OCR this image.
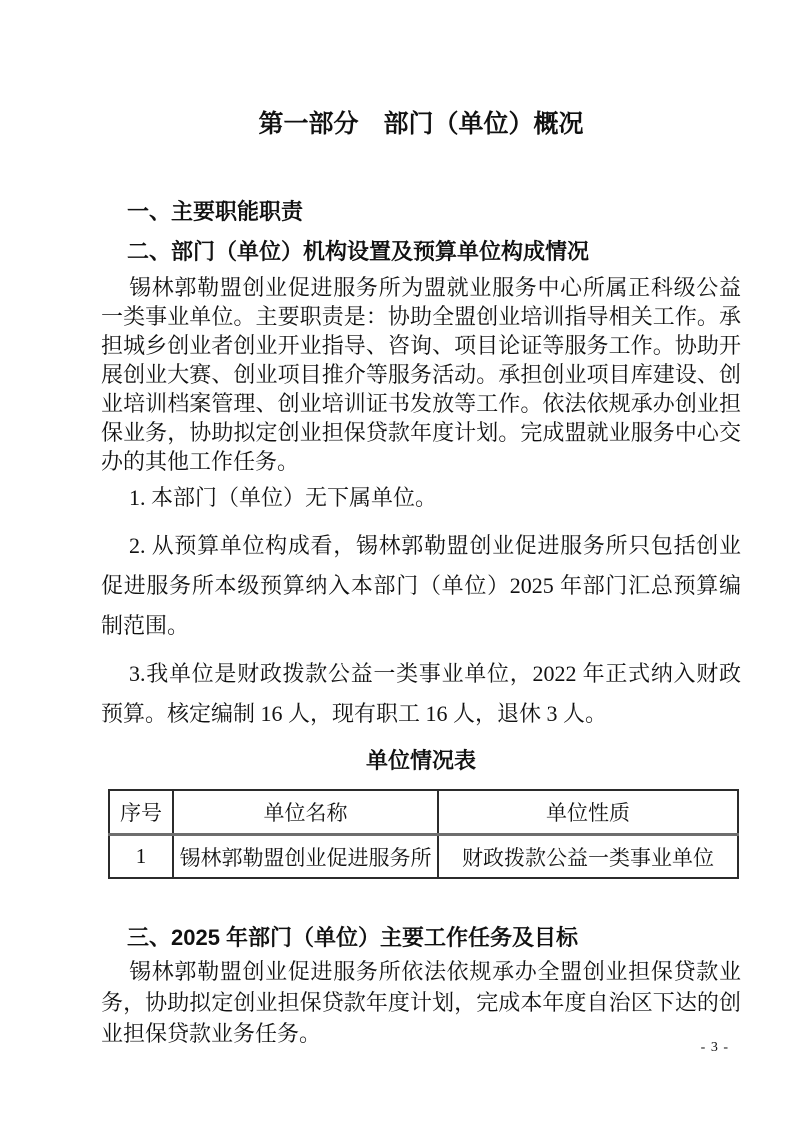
第一部分　部门（单位）概况
一、主要职能职责
二、部门（单位）机构设置及预算单位构成情况

锡林郭勒盟创业促进服务所为盟就业服务中心所属正科级公益一类事业单位。主要职责是：协助全盟创业培训指导相关工作。承担城乡创业者创业开业指导、咨询、项目论证等服务工作。协助开展创业大赛、创业项目推介等服务活动。承担创业项目库建设、创业培训档案管理、创业培训证书发放等工作。依法依规承办创业担保业务，协助拟定创业担保贷款年度计划。完成盟就业服务中心交办的其他工作任务。

1. 本部门（单位）无下属单位。

2. 从预算单位构成看，锡林郭勒盟创业促进服务所只包括创业促进服务所本级预算纳入本部门（单位）2025 年部门汇总预算编制范围。

3.我单位是财政拨款公益一类事业单位，2022 年正式纳入财政预算。核定编制 16 人，现有职工 16 人，退休 3 人。

单位情况表
序号	单位名称	单位性质
1	锡林郭勒盟创业促进服务所	财政拨款公益一类事业单位
三、2025 年部门（单位）主要工作任务及目标

锡林郭勒盟创业促进服务所依法依规承办全盟创业担保贷款业务，协助拟定创业担保贷款年度计划，完成本年度自治区下达的创业担保贷款业务任务。

- 3 -
